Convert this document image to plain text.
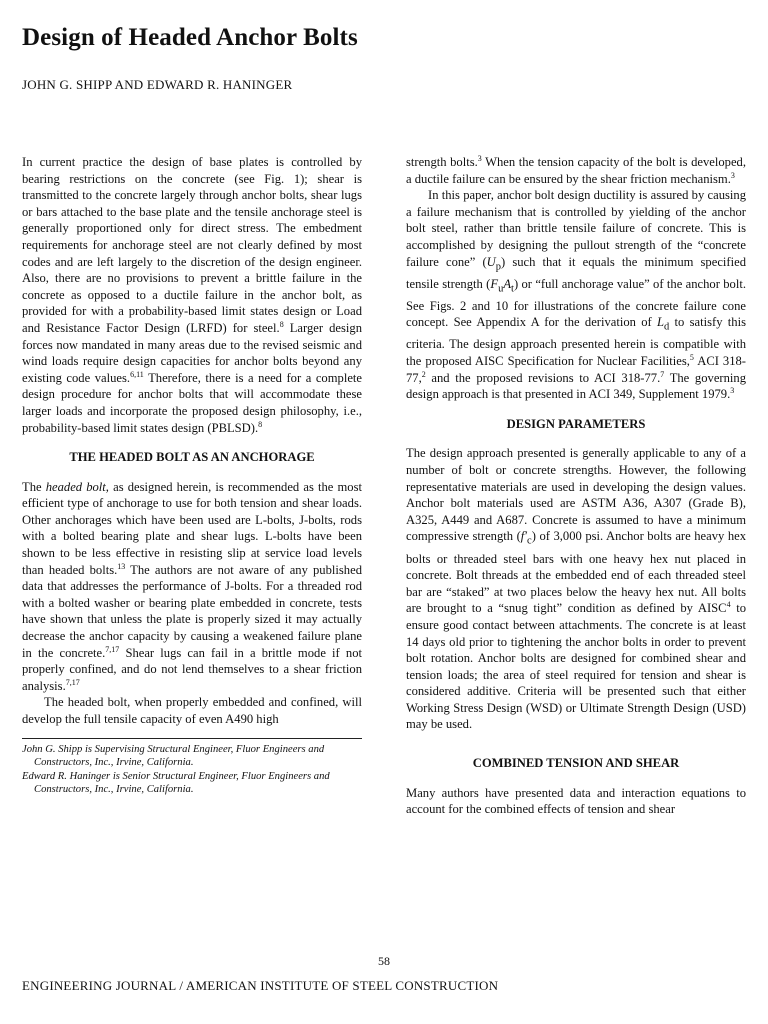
Design of Headed Anchor Bolts
JOHN G. SHIPP AND EDWARD R. HANINGER

In current practice the design of base plates is controlled by bearing restrictions on the concrete (see Fig. 1); shear is transmitted to the concrete largely through anchor bolts, shear lugs or bars attached to the base plate and the tensile anchorage steel is generally proportioned only for direct stress. The embedment requirements for anchorage steel are not clearly defined by most codes and are left largely to the discretion of the design engineer. Also, there are no provisions to prevent a brittle failure in the concrete as opposed to a ductile failure in the anchor bolt, as provided for with a probability-based limit states design or Load and Resistance Factor Design (LRFD) for steel.$^8$ Larger design forces now mandated in many areas due to the revised seismic and wind loads require design capacities for anchor bolts beyond any existing code values.$^{6,11}$ Therefore, there is a need for a complete design procedure for anchor bolts that will accommodate these larger loads and incorporate the proposed design philosophy, i.e., probability-based limit states design (PBLSD).$^8$

THE HEADED BOLT AS AN ANCHORAGE

The headed bolt, as designed herein, is recommended as the most efficient type of anchorage to use for both tension and shear loads. Other anchorages which have been used are L-bolts, J-bolts, rods with a bolted bearing plate and shear lugs. L-bolts have been shown to be less effective in resisting slip at service load levels than headed bolts.$^{13}$ The authors are not aware of any published data that addresses the performance of J-bolts. For a threaded rod with a bolted washer or bearing plate embedded in concrete, tests have shown that unless the plate is properly sized it may actually decrease the anchor capacity by causing a weakened failure plane in the concrete.$^{7,17}$ Shear lugs can fail in a brittle mode if not properly confined, and do not lend themselves to a shear friction analysis.$^{7,17}$

The headed bolt, when properly embedded and confined, will develop the full tensile capacity of even A490 high

John G. Shipp is Supervising Structural Engineer, Fluor Engineers and Constructors, Inc., Irvine, California.
Edward R. Haninger is Senior Structural Engineer, Fluor Engineers and Constructors, Inc., Irvine, California.

strength bolts.$^3$ When the tension capacity of the bolt is developed, a ductile failure can be ensured by the shear friction mechanism.$^3$

In this paper, anchor bolt design ductility is assured by causing a failure mechanism that is controlled by yielding of the anchor bolt steel, rather than brittle tensile failure of concrete. This is accomplished by designing the pullout strength of the “concrete failure cone” $(U_p)$ such that it equals the minimum specified tensile strength $(F_uA_t)$ or “full anchorage value” of the anchor bolt. See Figs. 2 and 10 for illustrations of the concrete failure cone concept. See Appendix A for the derivation of $L_d$ to satisfy this criteria. The design approach presented herein is compatible with the proposed AISC Specification for Nuclear Facilities,$^5$ ACI 318-77,$^2$ and the proposed revisions to ACI 318-77.$^7$ The governing design approach is that presented in ACI 349, Supplement 1979.$^3$

DESIGN PARAMETERS

The design approach presented is generally applicable to any of a number of bolt or concrete strengths. However, the following representative materials are used in developing the design values. Anchor bolt materials used are ASTM A36, A307 (Grade B), A325, A449 and A687. Concrete is assumed to have a minimum compressive strength $(f'_c)$ of 3,000 psi. Anchor bolts are heavy hex bolts or threaded steel bars with one heavy hex nut placed in concrete. Bolt threads at the embedded end of each threaded steel bar are “staked” at two places below the heavy hex nut. All bolts are brought to a “snug tight” condition as defined by AISC$^4$ to ensure good contact between attachments. The concrete is at least 14 days old prior to tightening the anchor bolts in order to prevent bolt rotation. Anchor bolts are designed for combined shear and tension loads; the area of steel required for tension and shear is considered additive. Criteria will be presented such that either Working Stress Design (WSD) or Ultimate Strength Design (USD) may be used.

COMBINED TENSION AND SHEAR

Many authors have presented data and interaction equations to account for the combined effects of tension and shear

58
ENGINEERING JOURNAL / AMERICAN INSTITUTE OF STEEL CONSTRUCTION
